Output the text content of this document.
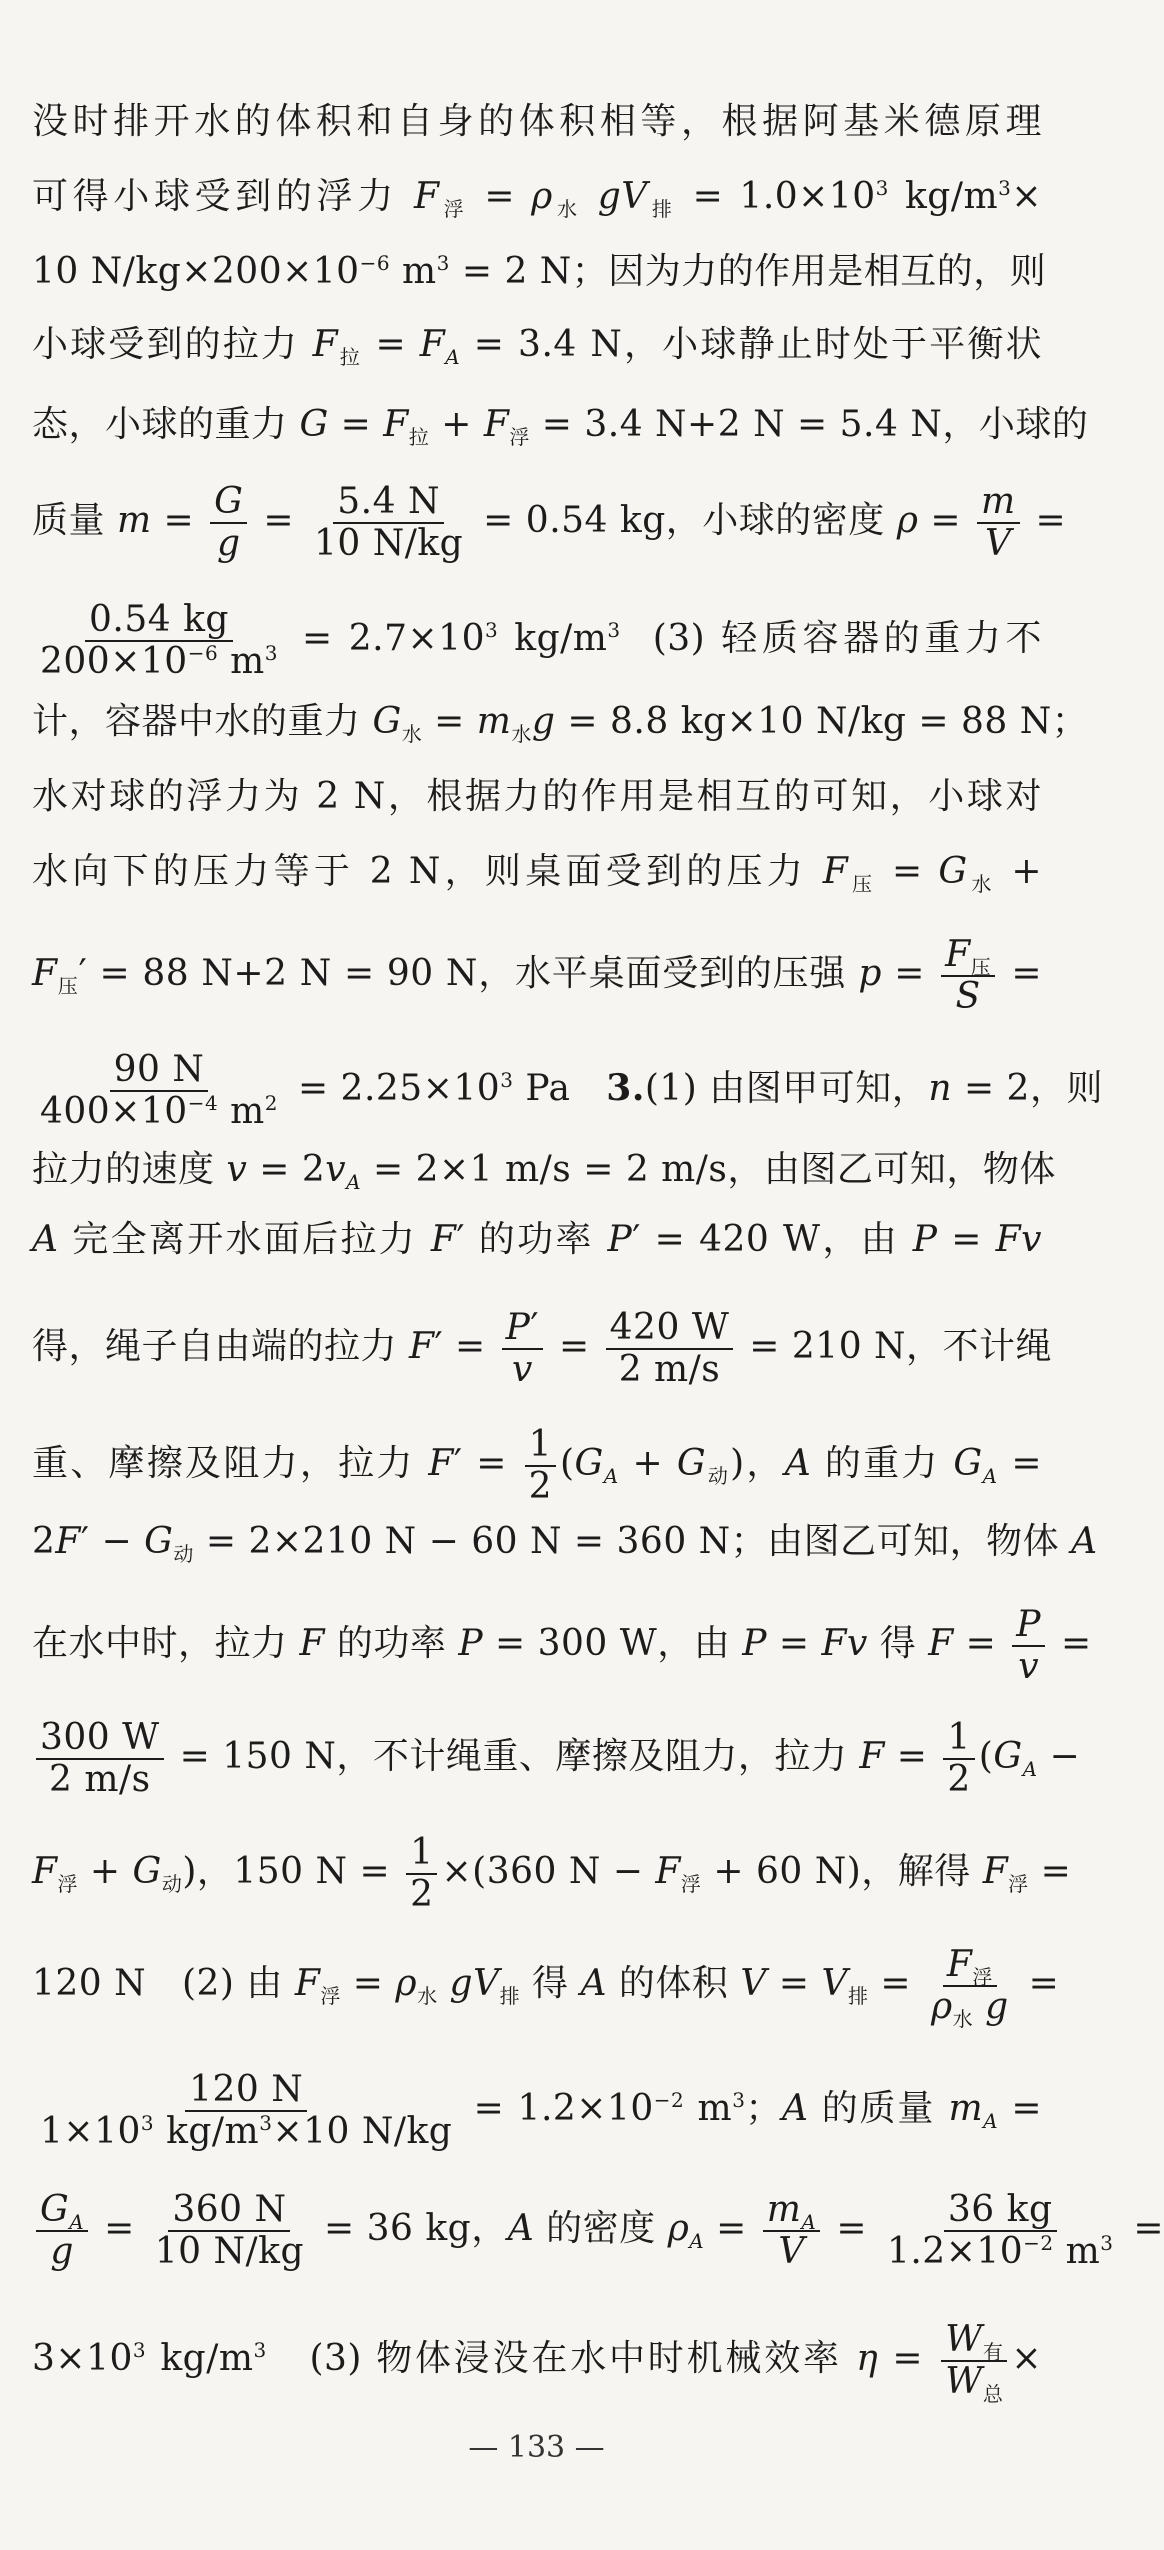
没时排开水的体积和自身的体积相等，根据阿基米德原理
可得小球受到的浮力 $F_浮 = \rho_水$ $gV_排 = 1.0\times 10^3$ $kg/m^3\times$
10 $N/kg\times 200\times 10^{-6}$ $m^3 = 2$ N；因为力的作用是相互的，则
小球受到的拉力 $F_拉 = F_A = 3.4$ N，小球静止时处于平衡状
态，小球的重力 $G = F_拉 + F_浮 = 3.4$ N+2 N = 5.4 N，小球的
质量 $m = \frac{G}{g} = \frac{5.4 N}{10 N/kg} = 0.54$ kg，小球的密度 $\rho = \frac{m}{V}$ =
$\frac{0.54 kg}{200\times 10^{-6} m^3} = 2.7\times 10^3$ $kg/m^3$  (3) 轻质容器的重力不
计，容器中水的重力 $G_水 = m_水g = 8.8$ kg×10 N/kg = 88 N；
水对球的浮力为 2 N，根据力的作用是相互的可知，小球对
水向下的压力等于 2 N，则桌面受到的压力 $F_压 = G_水$ +
$F_压' = 88$ N+2 N = 90 N，水平桌面受到的压强 $p = \frac{F_压}{S}$ =
$\frac{90 N}{400\times 10^{-4} m^2} = 2.25\times 10^3$ Pa   3.(1) 由图甲可知，n = 2，则
拉力的速度 $v = 2v_A = 2\times 1$ m/s = 2 m/s，由图乙可知，物体
A 完全离开水面后拉力 F′ 的功率 P′ = 420 W，由 P = Fv
得，绳子自由端的拉力 $F' = \frac{P'}{v} = \frac{420 W}{2 m/s} = 210$ N，不计绳
重、摩擦及阻力，拉力 $F' = \frac{1}{2} (G_A + G_动)$，A 的重力 $G_A$ =
$2F' - G_动 = 2\times 210$ N − 60 N = 360 N；由图乙可知，物体 A
在水中时，拉力 F 的功率 P = 300 W，由 P = Fv 得 $F = \frac{P}{v}$ =
$\frac{300 W}{2 m/s} = 150$ N，不计绳重、摩擦及阻力，拉力 $F = \frac{1}{2} (G_A$ −
$F_浮 + G_动$)，150 $N = \frac{1}{2} \times(360$ $N - F_浮 + 60$ N)，解得 $F_浮$ =
120 N   (2) 由 $F_浮 = \rho_水$ $gV_排$ 得 A 的体积 $V = V_排 = \frac{F_浮}{\rho_水 g}$ =
$\frac{120 N}{1\times 10^3 kg/m^3\times 10 N/kg} = 1.2\times 10^{-2}$ $m^3$；A 的质量 $m_A$ =
$\frac{G_A}{g} = \frac{360 N}{10 N/kg} = 36$ kg，A 的密度 $\rho_A = \frac{m_A}{V} = \frac{36 kg}{1.2\times 10^{-2} m^3}$ =
$3\times 10^3$ $kg/m^3$   (3) 物体浸没在水中时机械效率 $\eta = \frac{W_有}{W_总}$ ×
— 133 —
